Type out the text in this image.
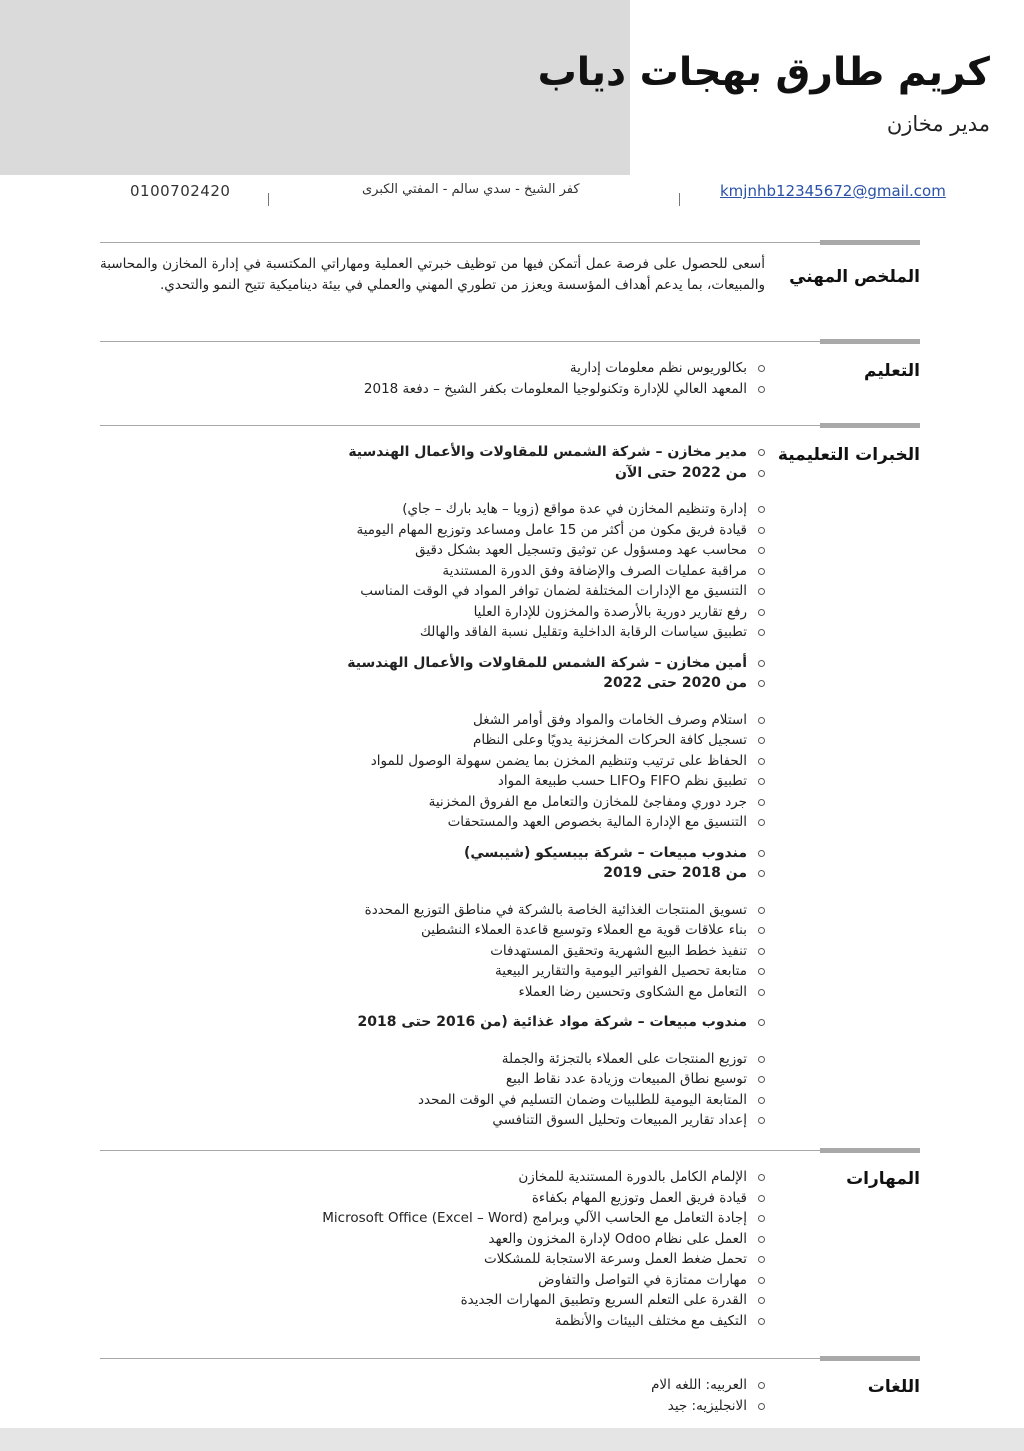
كريم طارق بهجات دياب
مدير مخازن
kmjnhb12345672@gmail.com
كفر الشيخ - سدي سالم - المفتي الكبرى
0100702420
الملخص المهني
أسعى للحصول على فرصة عمل أتمكن فيها من توظيف خبرتي العملية ومهاراتي المكتسبة في إدارة المخازن والمحاسبة والمبيعات، بما يدعم أهداف المؤسسة ويعزز من تطوري المهني والعملي في بيئة ديناميكية تتيح النمو والتحدي.
التعليم
بكالوريوس نظم معلومات إدارية
المعهد العالي للإدارة وتكنولوجيا المعلومات بكفر الشيخ – دفعة 2018
الخبرات التعليمية
مدير مخازن – شركة الشمس للمقاولات والأعمال الهندسية
من 2022 حتى الآن
إدارة وتنظيم المخازن في عدة مواقع (زويا – هايد بارك – جاي)
قيادة فريق مكون من أكثر من 15 عامل ومساعد وتوزيع المهام اليومية
محاسب عهد ومسؤول عن توثيق وتسجيل العهد بشكل دقيق
مراقبة عمليات الصرف والإضافة وفق الدورة المستندية
التنسيق مع الإدارات المختلفة لضمان توافر المواد في الوقت المناسب
رفع تقارير دورية بالأرصدة والمخزون للإدارة العليا
تطبيق سياسات الرقابة الداخلية وتقليل نسبة الفاقد والهالك
أمين مخازن – شركة الشمس للمقاولات والأعمال الهندسية
من 2020 حتى 2022
استلام وصرف الخامات والمواد وفق أوامر الشغل
تسجيل كافة الحركات المخزنية يدويًا وعلى النظام
الحفاظ على ترتيب وتنظيم المخزن بما يضمن سهولة الوصول للمواد
تطبيق نظم FIFO وLIFO حسب طبيعة المواد
جرد دوري ومفاجئ للمخازن والتعامل مع الفروق المخزنية
التنسيق مع الإدارة المالية بخصوص العهد والمستحقات
مندوب مبيعات – شركة بيبسيكو (شيبسي)
من 2018 حتى 2019
تسويق المنتجات الغذائية الخاصة بالشركة في مناطق التوزيع المحددة
بناء علاقات قوية مع العملاء وتوسيع قاعدة العملاء النشطين
تنفيذ خطط البيع الشهرية وتحقيق المستهدفات
متابعة تحصيل الفواتير اليومية والتقارير البيعية
التعامل مع الشكاوى وتحسين رضا العملاء
مندوب مبيعات – شركة مواد غذائية (من 2016 حتى 2018
توزيع المنتجات على العملاء بالتجزئة والجملة
توسيع نطاق المبيعات وزيادة عدد نقاط البيع
المتابعة اليومية للطلبيات وضمان التسليم في الوقت المحدد
إعداد تقارير المبيعات وتحليل السوق التنافسي
المهارات
الإلمام الكامل بالدورة المستندية للمخازن
قيادة فريق العمل وتوزيع المهام بكفاءة
إجادة التعامل مع الحاسب الآلي وبرامج (Microsoft Office (Excel – Word
العمل على نظام Odoo لإدارة المخزون والعهد
تحمل ضغط العمل وسرعة الاستجابة للمشكلات
مهارات ممتازة في التواصل والتفاوض
القدرة على التعلم السريع وتطبيق المهارات الجديدة
التكيف مع مختلف البيئات والأنظمة
اللغات
العربيه: اللغه الام
الانجليزيه: جيد
